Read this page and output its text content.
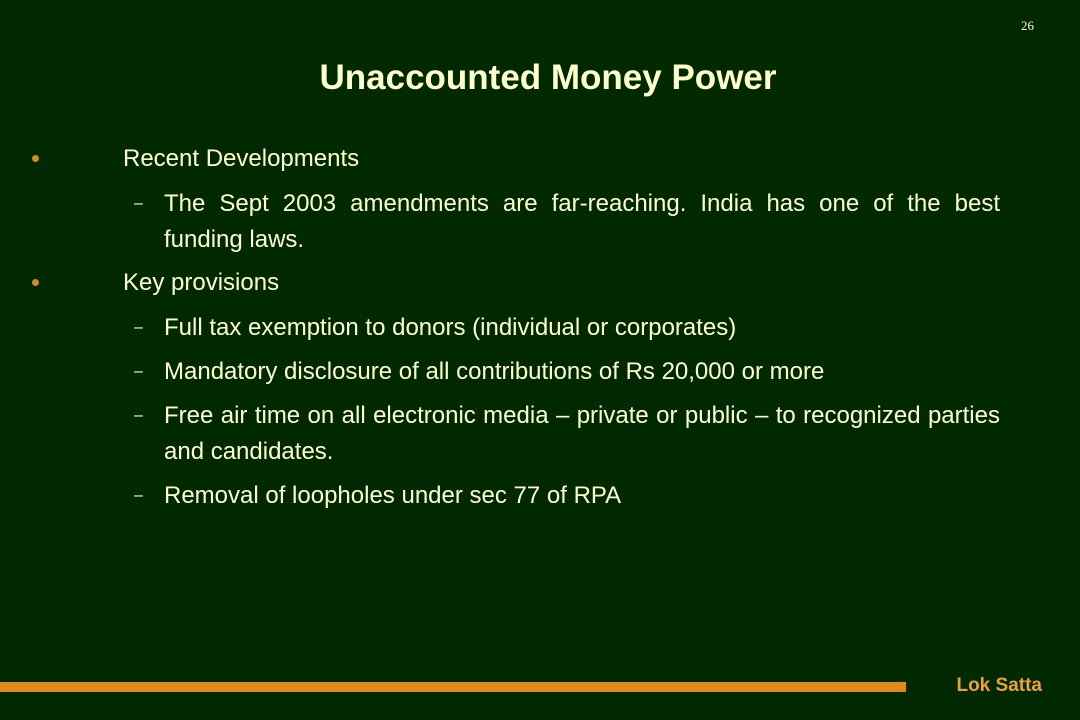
26
Unaccounted Money Power
Recent Developments
– The Sept 2003 amendments are far-reaching. India has one of the best funding laws.
Key provisions
– Full tax exemption to donors (individual or corporates)
– Mandatory disclosure of all contributions of Rs 20,000 or more
– Free air time on all electronic media – private or public – to recognized parties and candidates.
– Removal of loopholes under sec 77 of RPA
Lok Satta
